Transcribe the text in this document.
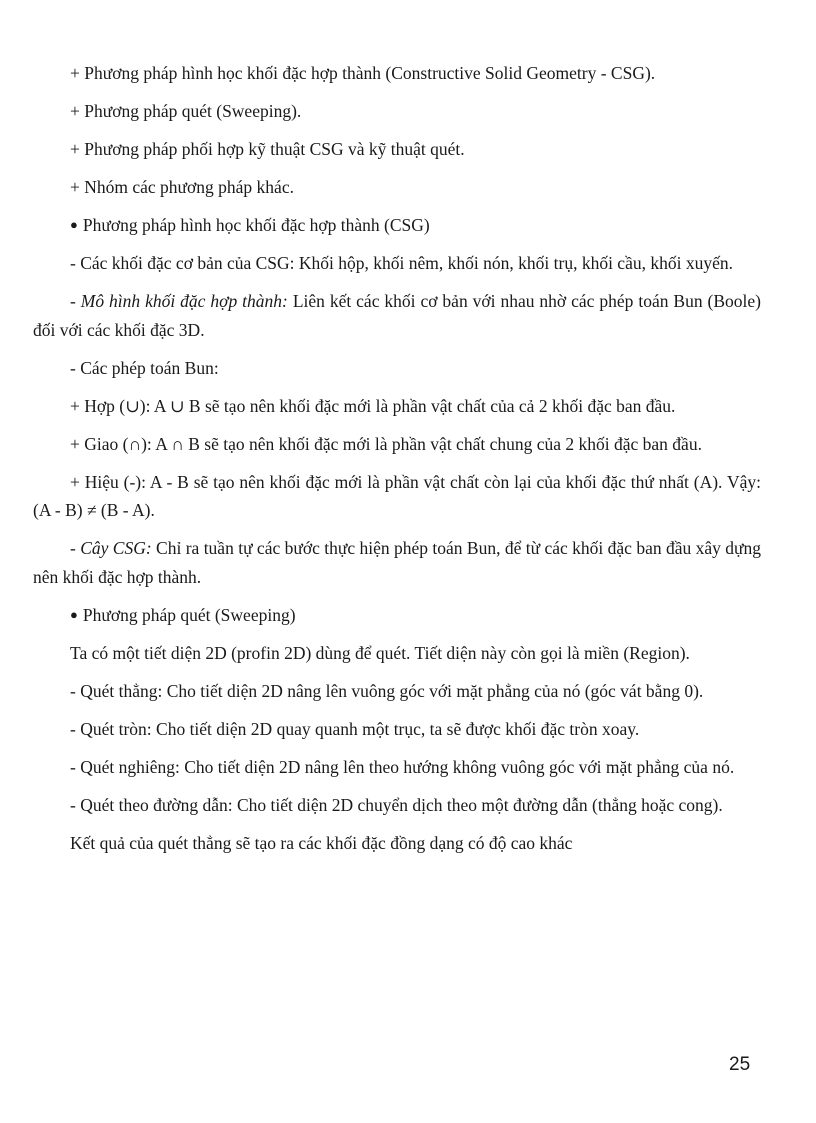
+ Phương pháp hình học khối đặc hợp thành (Constructive Solid Geometry - CSG).

+ Phương pháp quét (Sweeping).

+ Phương pháp phối hợp kỹ thuật CSG và kỹ thuật quét.

+ Nhóm các phương pháp khác.

● Phương pháp hình học khối đặc hợp thành (CSG)

- Các khối đặc cơ bản của CSG: Khối hộp, khối nêm, khối nón, khối trụ, khối cầu, khối xuyến.

- Mô hình khối đặc hợp thành: Liên kết các khối cơ bản với nhau nhờ các phép toán Bun (Boole) đối với các khối đặc 3D.

- Các phép toán Bun:

+ Hợp (∪): A ∪ B sẽ tạo nên khối đặc mới là phần vật chất của cả 2 khối đặc ban đầu.

+ Giao (∩): A ∩ B sẽ tạo nên khối đặc mới là phần vật chất chung của 2 khối đặc ban đầu.

+ Hiệu (-): A - B sẽ tạo nên khối đặc mới là phần vật chất còn lại của khối đặc thứ nhất (A). Vậy: (A - B) ≠ (B - A).

- Cây CSG: Chỉ ra tuần tự các bước thực hiện phép toán Bun, để từ các khối đặc ban đầu xây dựng nên khối đặc hợp thành.

● Phương pháp quét (Sweeping)

Ta có một tiết diện 2D (profin 2D) dùng để quét. Tiết diện này còn gọi là miền (Region).

- Quét thẳng: Cho tiết diện 2D nâng lên vuông góc với mặt phẳng của nó (góc vát bằng 0).

- Quét tròn: Cho tiết diện 2D quay quanh một trục, ta sẽ được khối đặc tròn xoay.

- Quét nghiêng: Cho tiết diện 2D nâng lên theo hướng không vuông góc với mặt phẳng của nó.

- Quét theo đường dẫn: Cho tiết diện 2D chuyển dịch theo một đường dẫn (thẳng hoặc cong).

Kết quả của quét thẳng sẽ tạo ra các khối đặc đồng dạng có độ cao khác

25
